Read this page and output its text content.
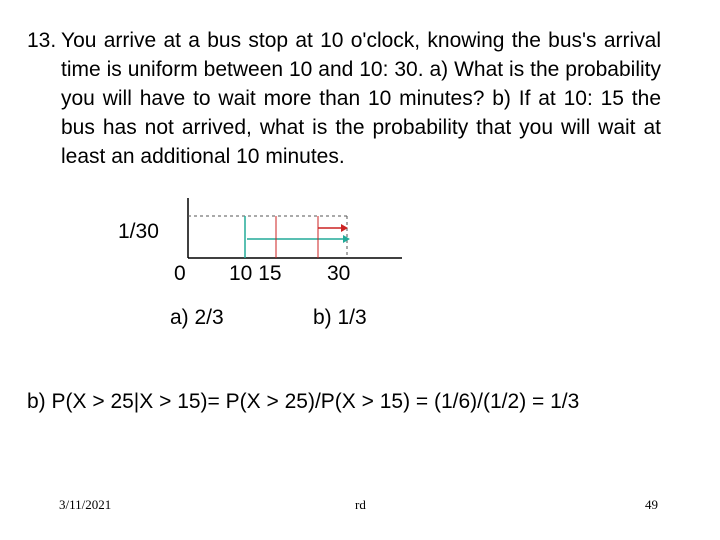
13. You arrive at a bus stop at 10 o'clock, knowing the bus's arrival time is uniform between 10 and 10: 30. a) What is the probability you will have to wait more than 10 minutes? b) If at 10: 15 the bus has not arrived, what is the probability that you will wait at least an additional 10 minutes.
1/30
0 10 15 30
a) 2/3	b) 1/3
b) P(X > 25|X > 15)= P(X > 25)/P(X > 15) = (1/6)/(1/2) = 1/3
3/11/2021	rd	49
